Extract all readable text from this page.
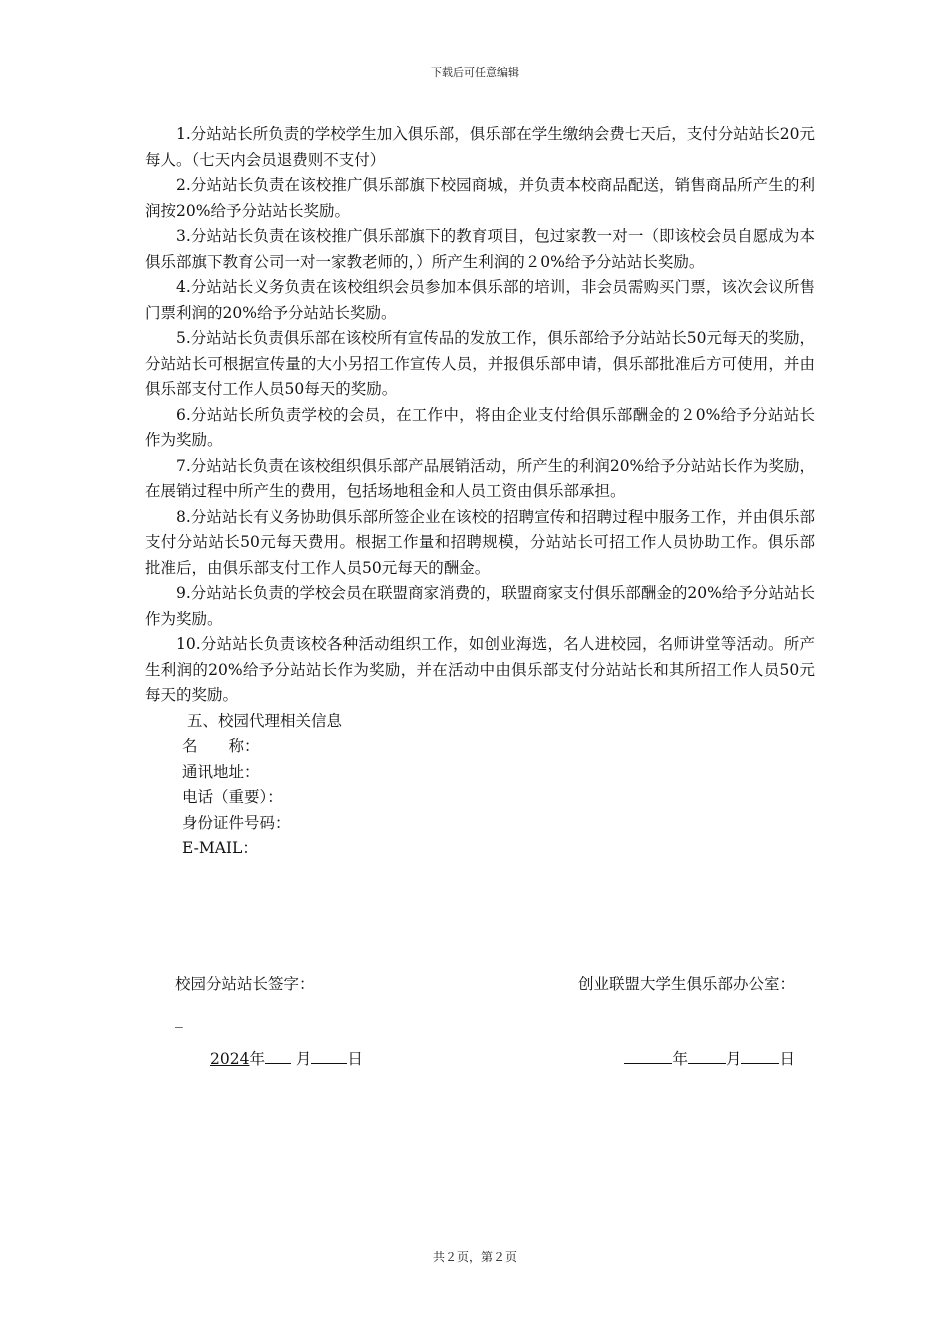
下载后可任意编辑

1.分站站长所负责的学校学生加入俱乐部，俱乐部在学生缴纳会费七天后，支付分站站长20元每人。（七天内会员退费则不支付）

2.分站站长负责在该校推广俱乐部旗下校园商城，并负责本校商品配送，销售商品所产生的利润按20%给予分站站长奖励。

3.分站站长负责在该校推广俱乐部旗下的教育项目，包过家教一对一（即该校会员自愿成为本俱乐部旗下教育公司一对一家教老师的，）所产生利润的２0%给予分站站长奖励。

4.分站站长义务负责在该校组织会员参加本俱乐部的培训，非会员需购买门票，该次会议所售门票利润的20%给予分站站长奖励。

5.分站站长负责俱乐部在该校所有宣传品的发放工作，俱乐部给予分站站长50元每天的奖励，分站站长可根据宣传量的大小另招工作宣传人员，并报俱乐部申请，俱乐部批准后方可使用，并由俱乐部支付工作人员50每天的奖励。

6.分站站长所负责学校的会员，在工作中，将由企业支付给俱乐部酬金的２0%给予分站站长作为奖励。

7.分站站长负责在该校组织俱乐部产品展销活动，所产生的利润20%给予分站站长作为奖励，在展销过程中所产生的费用，包括场地租金和人员工资由俱乐部承担。

8.分站站长有义务协助俱乐部所签企业在该校的招聘宣传和招聘过程中服务工作，并由俱乐部支付分站站长50元每天费用。根据工作量和招聘规模，分站站长可招工作人员协助工作。俱乐部批准后，由俱乐部支付工作人员50元每天的酬金。

9.分站站长负责的学校会员在联盟商家消费的，联盟商家支付俱乐部酬金的20%给予分站站长作为奖励。

10.分站站长负责该校各种活动组织工作，如创业海选，名人进校园，名师讲堂等活动。所产生利润的20%给予分站站长作为奖励，并在活动中由俱乐部支付分站站长和其所招工作人员50元每天的奖励。

五、校园代理相关信息

名　　称：

通讯地址：

电话（重要）：

身份证件号码：

E-MAIL：

校园分站站长签字：	创业联盟大学生俱乐部办公室：
_
2024年 月 日	年 月 日
共２页，第２页
